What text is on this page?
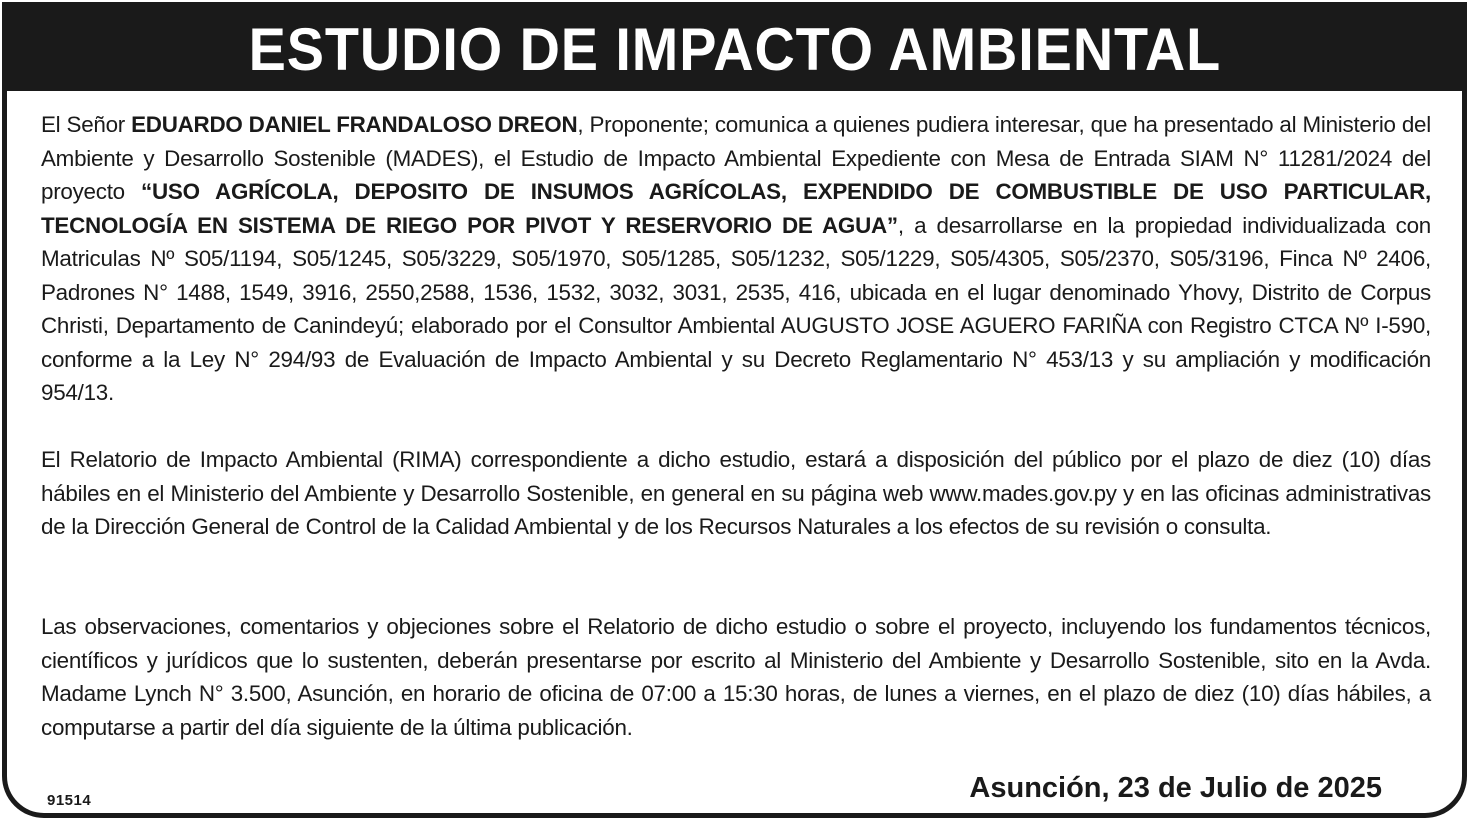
ESTUDIO DE IMPACTO AMBIENTAL
El Señor EDUARDO DANIEL FRANDALOSO DREON, Proponente; comunica a quienes pudiera interesar, que ha presentado al Ministerio del Ambiente y Desarrollo Sostenible (MADES), el Estudio de Impacto Ambiental Expediente con Mesa de Entrada SIAM N° 11281/2024 del proyecto “USO AGRÍCOLA, DEPOSITO DE INSUMOS AGRÍCOLAS, EXPENDIDO DE COMBUSTIBLE DE USO PARTICULAR, TECNOLOGÍA EN SISTEMA DE RIEGO POR PIVOT Y RESERVORIO DE AGUA”, a desarrollarse en la propiedad individualizada con Matriculas Nº S05/1194, S05/1245, S05/3229, S05/1970, S05/1285, S05/1232, S05/1229, S05/4305, S05/2370, S05/3196, Finca Nº 2406, Padrones N° 1488, 1549, 3916, 2550,2588, 1536, 1532, 3032, 3031, 2535, 416, ubicada en el lugar denominado Yhovy, Distrito de Corpus Christi, Departamento de Canindeyú; elaborado por el Consultor Ambiental AUGUSTO JOSE AGUERO FARIÑA con Registro CTCA Nº I-590, conforme a la Ley N° 294/93 de Evaluación de Impacto Ambiental y su Decreto Reglamentario N° 453/13 y su ampliación y modificación 954/13.
El Relatorio de Impacto Ambiental (RIMA) correspondiente a dicho estudio, estará a disposición del público por el plazo de diez (10) días hábiles en el Ministerio del Ambiente y Desarrollo Sostenible, en general en su página web www.mades.gov.py y en las oficinas administrativas de la Dirección General de Control de la Calidad Ambiental y de los Recursos Naturales a los efectos de su revisión o consulta.
Las observaciones, comentarios y objeciones sobre el Relatorio de dicho estudio o sobre el proyecto, incluyendo los fundamentos técnicos, científicos y jurídicos que lo sustenten, deberán presentarse por escrito al Ministerio del Ambiente y Desarrollo Sostenible, sito en la Avda. Madame Lynch N° 3.500, Asunción, en horario de oficina de 07:00 a 15:30 horas, de lunes a viernes, en el plazo de diez (10) días hábiles, a computarse a partir del día siguiente de la última publicación.
91514	Asunción, 23 de Julio de 2025
